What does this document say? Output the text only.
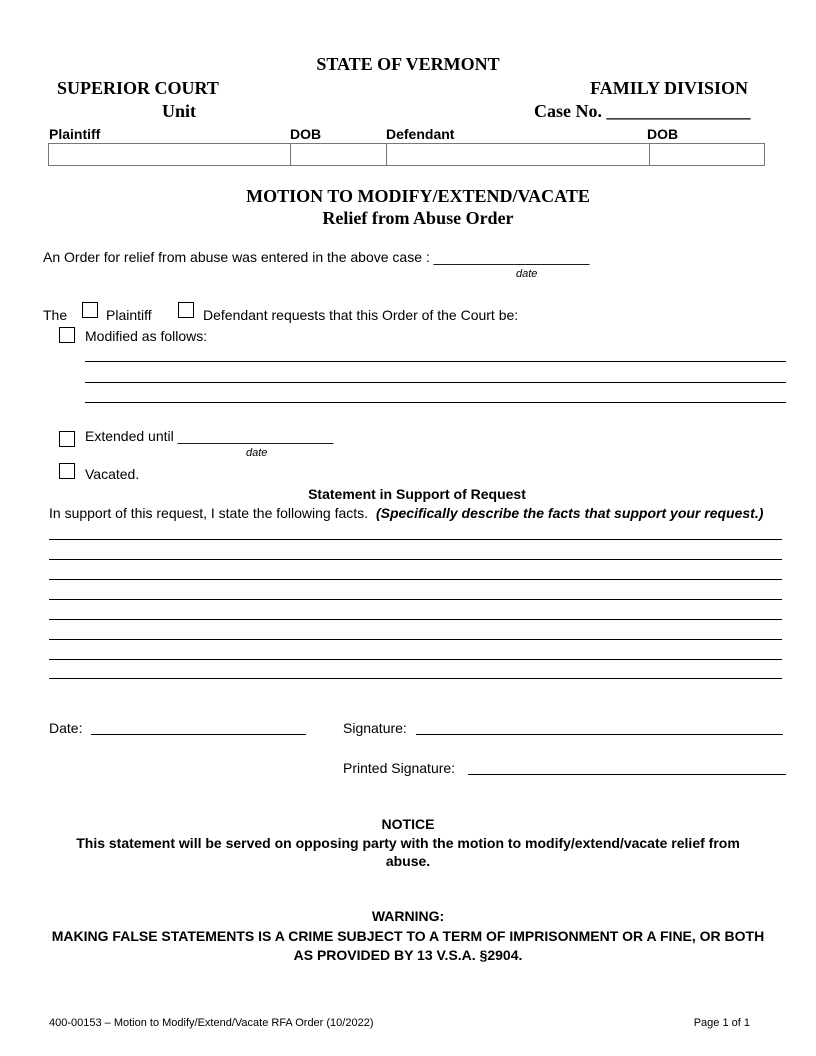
STATE OF VERMONT
SUPERIOR COURT	FAMILY DIVISION
Unit	Case No. ________________
Plaintiff	DOB	Defendant	DOB

MOTION TO MODIFY/EXTEND/VACATE
Relief from Abuse Order
An Order for relief from abuse was entered in the above case : ____________________
date
The	Plaintiff	Defendant requests that this Order of the Court be:
Modified as follows:
Extended until ____________________
date
Vacated.
Statement in Support of Request
In support of this request, I state the following facts. (Specifically describe the facts that support your request.)
Date:	Signature:
Printed Signature:
NOTICE
This statement will be served on opposing party with the motion to modify/extend/vacate relief from abuse.
WARNING:
MAKING FALSE STATEMENTS IS A CRIME SUBJECT TO A TERM OF IMPRISONMENT OR A FINE, OR BOTH AS PROVIDED BY 13 V.S.A. §2904.
400-00153 – Motion to Modify/Extend/Vacate RFA Order (10/2022)	Page 1 of 1
